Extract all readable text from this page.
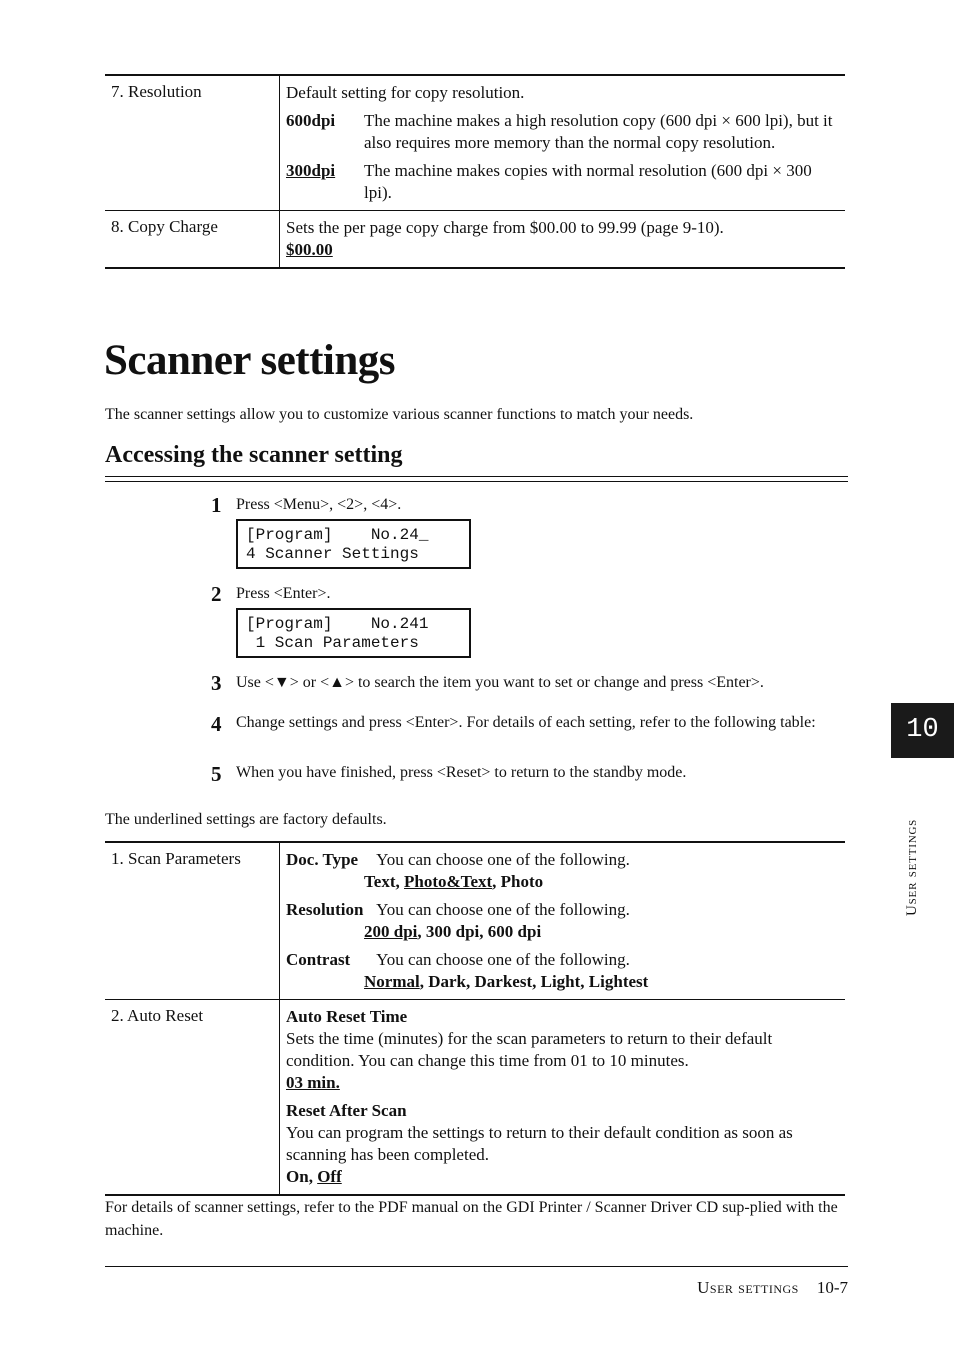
7. Resolution	Default setting for copy resolution.
600dpi	The machine makes a high resolution copy (600 dpi × 600 lpi), but it also requires more memory than the normal copy resolution.
300dpi	The machine makes copies with normal resolution (600 dpi × 300 lpi).
8. Copy Charge	Sets the per page copy charge from $00.00 to 99.99 (page 9-10).
$00.00
Scanner settings
The scanner settings allow you to customize various scanner functions to match your needs.
Accessing the scanner setting
1 Press <Menu>, <2>, <4>.
[Program]    No.24_
4 Scanner Settings
2 Press <Enter>.
[Program]    No.241
1 Scan Parameters
3 Use <▼> or <▲> to search the item you want to set or change and press <Enter>.
4 Change settings and press <Enter>. For details of each setting, refer to the following table:
5 When you have finished, press <Reset> to return to the standby mode.
The underlined settings are factory defaults.
1. Scan Parameters	Doc. Type You can choose one of the following.
Text, Photo&Text, Photo
Resolution You can choose one of the following.
200 dpi, 300 dpi, 600 dpi
Contrast You can choose one of the following.
Normal, Dark, Darkest, Light, Lightest
2. Auto Reset	Auto Reset Time
Sets the time (minutes) for the scan parameters to return to their default condition. You can change this time from 01 to 10 minutes.
03 min.
Reset After Scan
You can program the settings to return to their default condition as soon as scanning has been completed.
On, Off
For details of scanner settings, refer to the PDF manual on the GDI Printer / Scanner Driver CD sup-plied with the machine.
User settings 10-7
10
User settings
